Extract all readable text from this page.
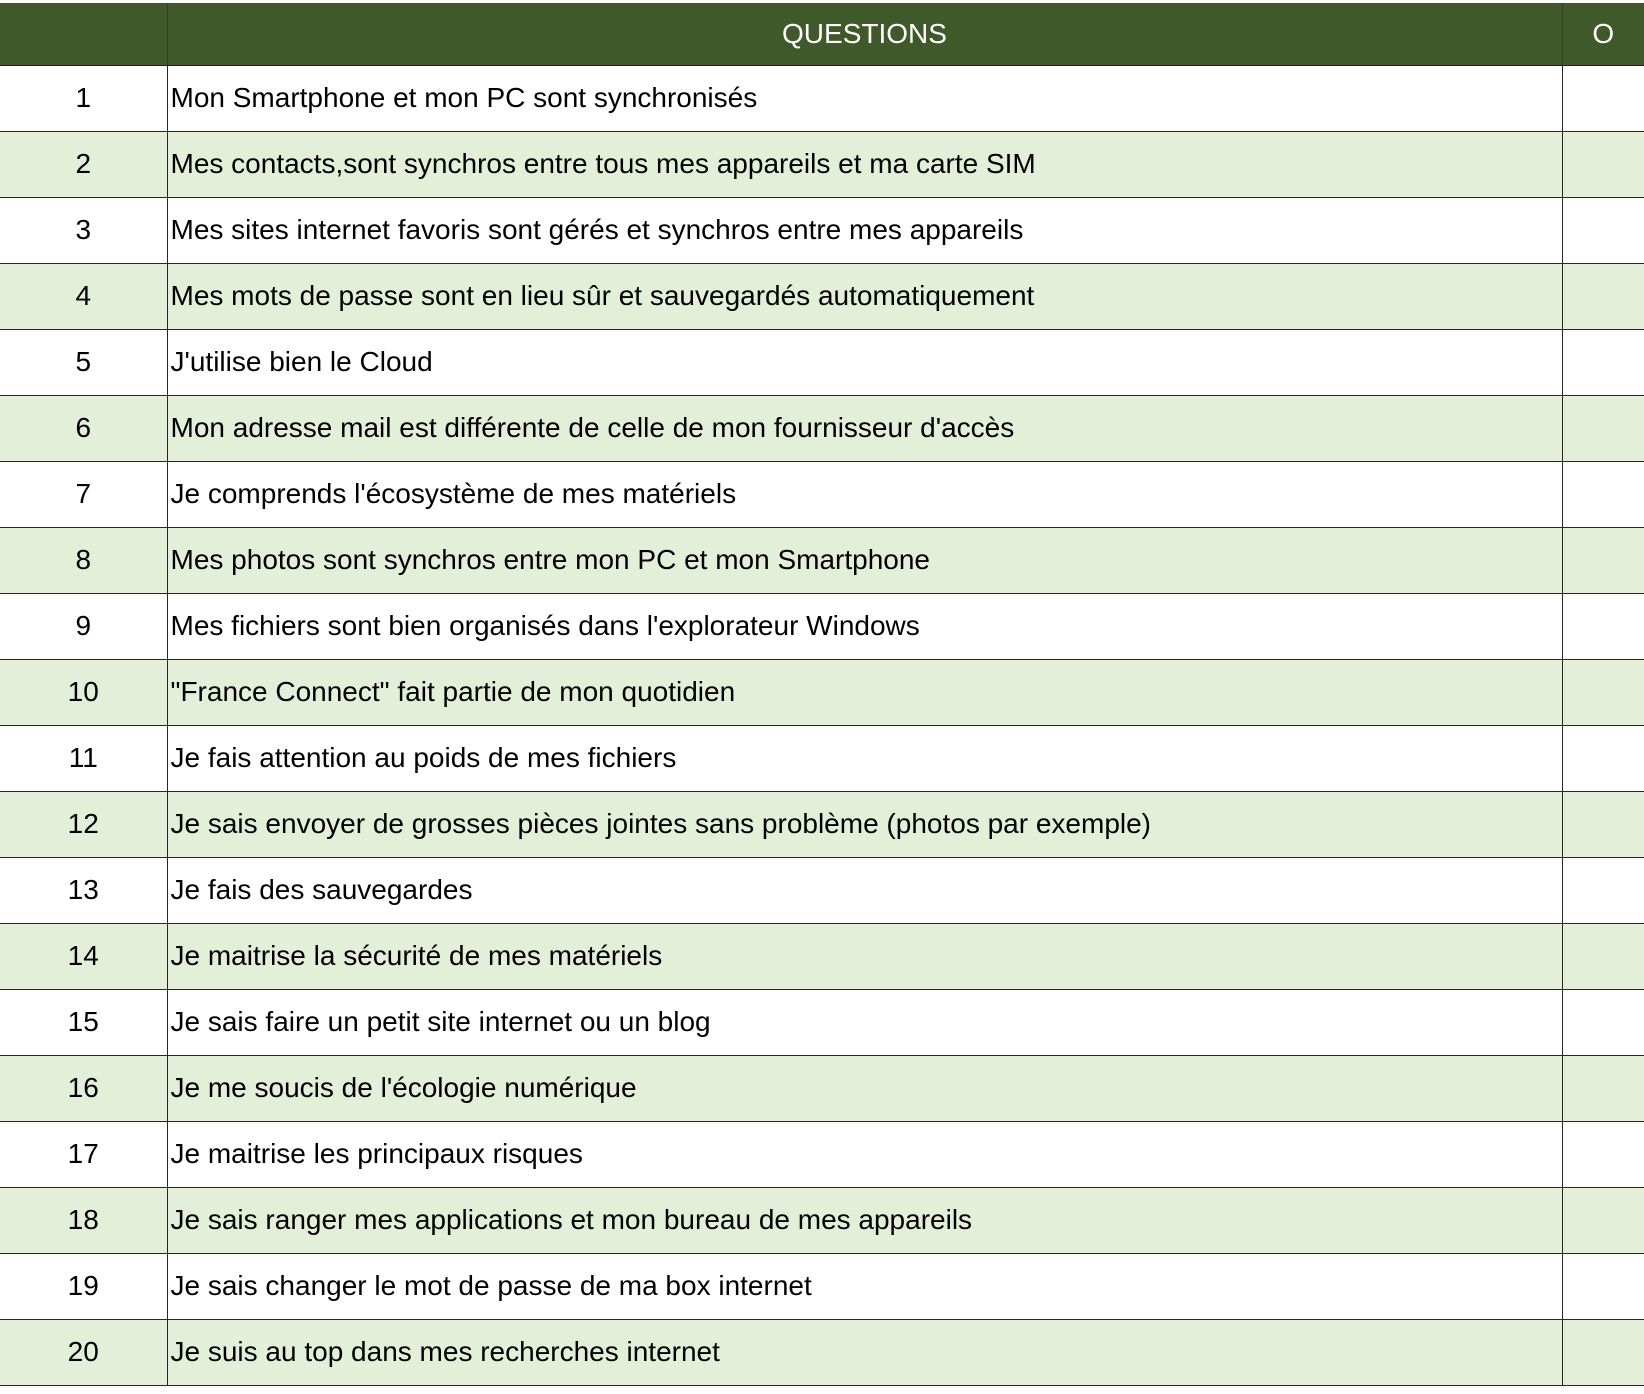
	QUESTIONS	O
1	Mon Smartphone et mon PC sont synchronisés	
2	Mes contacts,sont synchros entre tous mes appareils et ma carte SIM	
3	Mes sites internet favoris sont gérés et synchros entre mes appareils	
4	Mes mots de passe sont en lieu sûr et sauvegardés automatiquement	
5	J'utilise bien le Cloud	
6	Mon adresse mail est différente de celle de mon fournisseur d'accès	
7	Je comprends l'écosystème de mes matériels	
8	Mes photos sont synchros entre mon PC et mon Smartphone	
9	Mes fichiers sont bien organisés dans l'explorateur Windows	
10	"France Connect" fait partie de mon quotidien	
11	Je fais attention au poids de mes fichiers	
12	Je sais envoyer de grosses pièces jointes sans problème (photos par exemple)	
13	Je fais des sauvegardes	
14	Je maitrise la sécurité de mes matériels	
15	Je sais faire un petit site internet ou un blog	
16	Je me soucis de l'écologie numérique	
17	Je maitrise les principaux risques	
18	Je sais ranger mes applications et mon bureau de mes appareils	
19	Je sais changer le mot de passe de ma box internet	
20	Je suis au top dans mes recherches internet	
